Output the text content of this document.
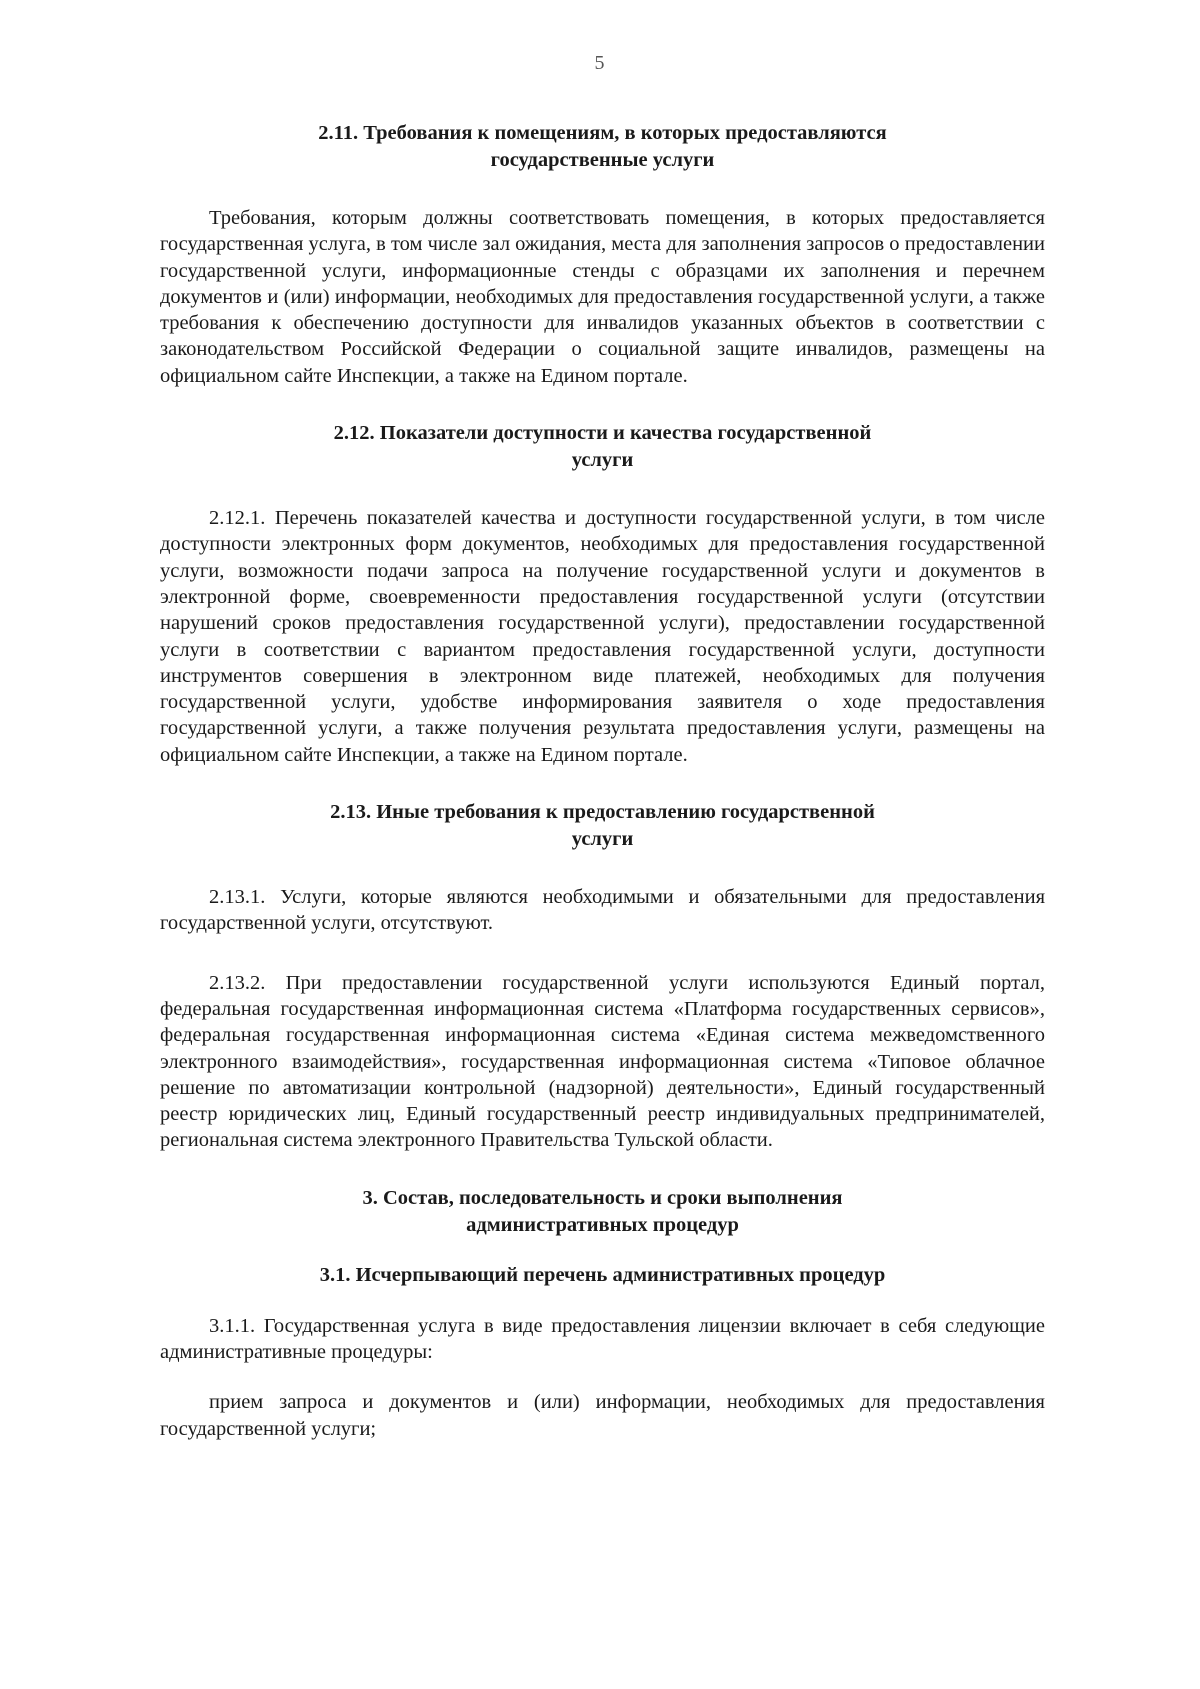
5
2.11. Требования к помещениям, в которых предоставляются
государственные услуги

Требования, которым должны соответствовать помещения, в которых предоставляется государственная услуга, в том числе зал ожидания, места для заполнения запросов о предоставлении государственной услуги, информационные стенды с образцами их заполнения и перечнем документов и (или) информации, необходимых для предоставления государственной услуги, а также требования к обеспечению доступности для инвалидов указанных объектов в соответствии с законодательством Российской Федерации о социальной защите инвалидов, размещены на официальном сайте Инспекции, а также на Едином портале.

2.12. Показатели доступности и качества государственной
услуги

2.12.1. Перечень показателей качества и доступности государственной услуги, в том числе доступности электронных форм документов, необходимых для предоставления государственной услуги, возможности подачи запроса на получение государственной услуги и документов в электронной форме, своевременности предоставления государственной услуги (отсутствии нарушений сроков предоставления государственной услуги), предоставлении государственной услуги в соответствии с вариантом предоставления государственной услуги, доступности инструментов совершения в электронном виде платежей, необходимых для получения государственной услуги, удобстве информирования заявителя о ходе предоставления государственной услуги, а также получения результата предоставления услуги, размещены на официальном сайте Инспекции, а также на Едином портале.

2.13. Иные требования к предоставлению государственной
услуги

2.13.1. Услуги, которые являются необходимыми и обязательными для предоставления государственной услуги, отсутствуют.

2.13.2. При предоставлении государственной услуги используются Единый портал, федеральная государственная информационная система «Платформа государственных сервисов», федеральная государственная информационная система «Единая система межведомственного электронного взаимодействия», государственная информационная система «Типовое облачное решение по автоматизации контрольной (надзорной) деятельности», Единый государственный реестр юридических лиц, Единый государственный реестр индивидуальных предпринимателей, региональная система электронного Правительства Тульской области.

3. Состав, последовательность и сроки выполнения
административных процедур
3.1. Исчерпывающий перечень административных процедур

3.1.1. Государственная услуга в виде предоставления лицензии включает в себя следующие административные процедуры:

прием запроса и документов и (или) информации, необходимых для предоставления государственной услуги;
